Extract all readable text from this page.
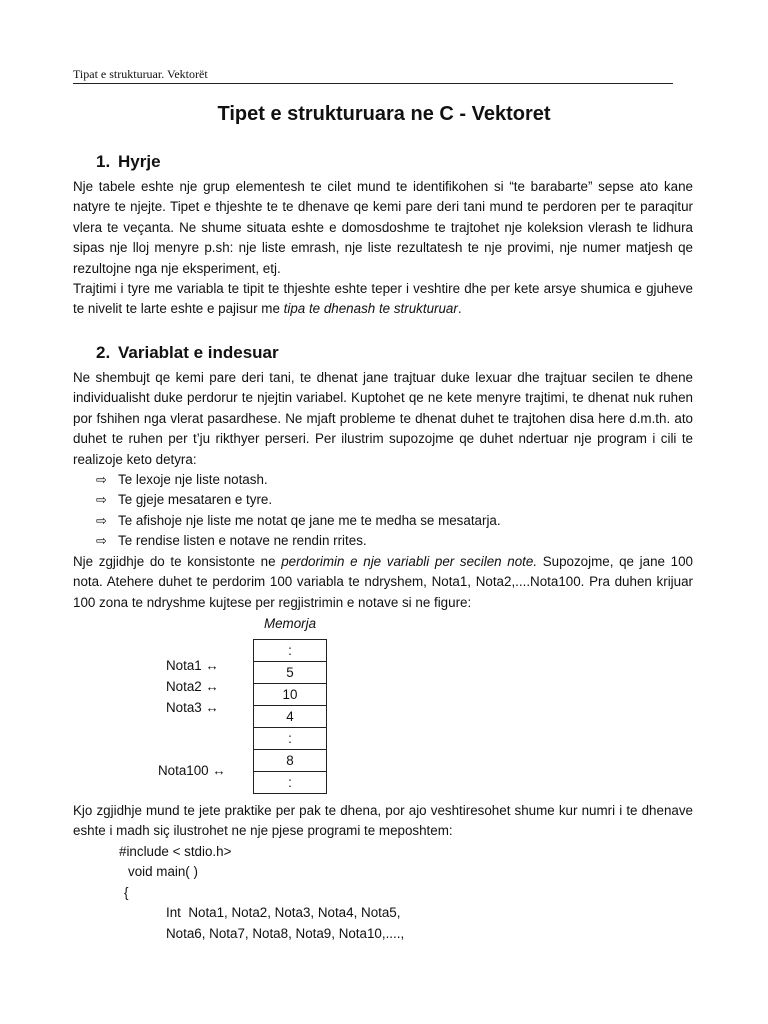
Tipat e strukturuar. Vektorët
Tipet e strukturuara ne C - Vektoret
1. Hyrje

Nje tabele eshte nje grup elementesh te cilet mund te identifikohen si “te barabarte” sepse ato kane natyre te njejte. Tipet e thjeshte te te dhenave qe kemi pare deri tani mund te perdoren per te paraqitur vlera te veçanta. Ne shume situata eshte e domosdoshme te trajtohet nje koleksion vlerash te lidhura sipas nje lloj menyre p.sh: nje liste emrash, nje liste rezultatesh te nje provimi, nje numer matjesh qe rezultojne nga nje eksperiment, etj.

Trajtimi i tyre me variabla te tipit te thjeshte eshte teper i veshtire dhe per kete arsye shumica e gjuheve te nivelit te larte eshte e pajisur me tipa te dhenash te strukturuar.

2. Variablat e indesuar

Ne shembujt qe kemi pare deri tani, te dhenat jane trajtuar duke lexuar dhe trajtuar secilen te dhene individualisht duke perdorur te njejtin variabel. Kuptohet qe ne kete menyre trajtimi, te dhenat nuk ruhen por fshihen nga vlerat pasardhese. Ne mjaft probleme te dhenat duhet te trajtohen disa here d.m.th. ato duhet te ruhen per t’ju rikthyer perseri. Per ilustrim supozojme qe duhet ndertuar nje program i cili te realizoje keto detyra:

⇨ Te lexoje nje liste notash.
⇨ Te gjeje mesataren e tyre.
⇨ Te afishoje nje liste me notat qe jane me te medha se mesatarja.
⇨ Te rendise listen e notave ne rendin rrites.

Nje zgjidhje do te konsistonte ne perdorimin e nje variabli per secilen note. Supozojme, qe jane 100 nota. Atehere duhet te perdorim 100 variabla te ndryshem, Nota1, Nota2,....Nota100. Pra duhen krijuar 100 zona te ndryshme kujtese per regjistrimin e notave si ne figure:

Memorja
:
5
10
4
:
8
:
Nota1 ↔
Nota2 ↔
Nota3 ↔
Nota100 ↔

Kjo zgjidhje mund te jete praktike per pak te dhena, por ajo veshtiresohet shume kur numri i te dhenave eshte i madh siç ilustrohet ne nje pjese programi te meposhtem:

#include < stdio.h>
void main( )
{
Int  Nota1, Nota2, Nota3, Nota4, Nota5,
Nota6, Nota7, Nota8, Nota9, Nota10,....,
